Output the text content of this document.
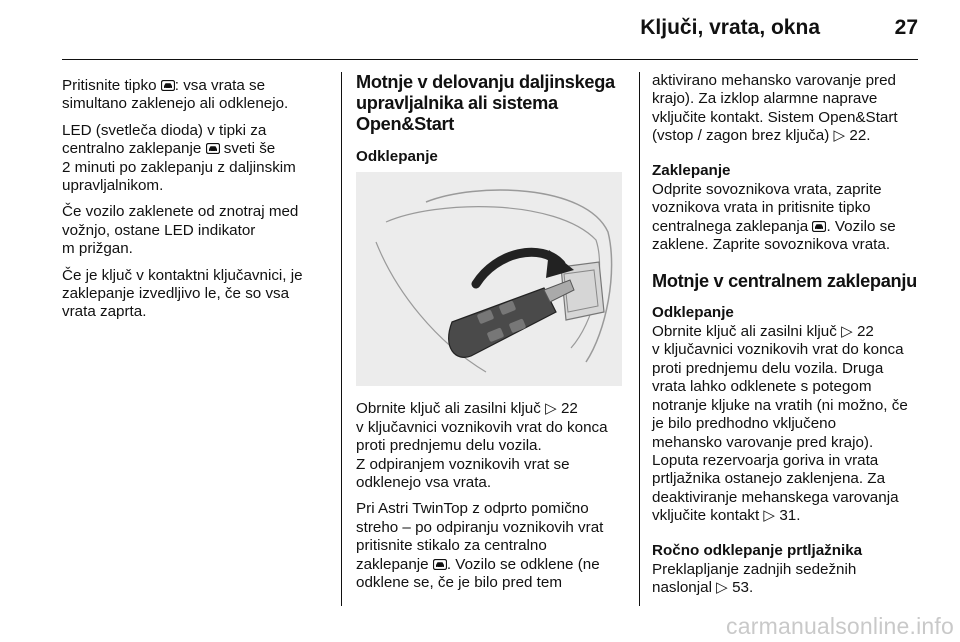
Ključi, vrata, okna	27

Pritisnite tipko : vsa vrata se
simultano zaklenejo ali odklenejo.

LED (svetleča dioda) v tipki za
centralno zaklepanje  sveti še
2 minuti po zaklepanju z daljinskim
upravljalnikom.

Če vozilo zaklenete od znotraj med
vožnjo, ostane LED indikator
m prižgan.

Če je ključ v kontaktni ključavnici, je
zaklepanje izvedljivo le, če so vsa
vrata zaprta.

Motnje v delovanju daljinskega
upravljalnika ali sistema
Open&Start
Odklepanje

Obrnite ključ ali zasilni ključ ▷ 22
v ključavnici voznikovih vrat do konca
proti prednjemu delu vozila.
Z odpiranjem voznikovih vrat se
odklenejo vsa vrata.

Pri Astri TwinTop z odprto pomično
streho – po odpiranju voznikovih vrat
pritisnite stikalo za centralno
zaklepanje . Vozilo se odklene (ne
odklene se, če je bilo pred tem

aktivirano mehansko varovanje pred
krajo). Za izklop alarmne naprave
vključite kontakt. Sistem Open&Start
(vstop / zagon brez ključa) ▷ 22.

Zaklepanje

Odprite sovoznikova vrata, zaprite
voznikova vrata in pritisnite tipko
centralnega zaklepanja . Vozilo se
zaklene. Zaprite sovoznikova vrata.

Motnje v centralnem zaklepanju
Odklepanje

Obrnite ključ ali zasilni ključ ▷ 22
v ključavnici voznikovih vrat do konca
proti prednjemu delu vozila. Druga
vrata lahko odklenete s potegom
notranje kljuke na vratih (ni možno, če
je bilo predhodno vključeno
mehansko varovanje pred krajo).
Loputa rezervoarja goriva in vrata
prtljažnika ostanejo zaklenjena. Za
deaktiviranje mehanskega varovanja
vključite kontakt ▷ 31.

Ročno odklepanje prtljažnika

Preklapljanje zadnjih sedežnih
naslonjal ▷ 53.

carmanualsonline.info
